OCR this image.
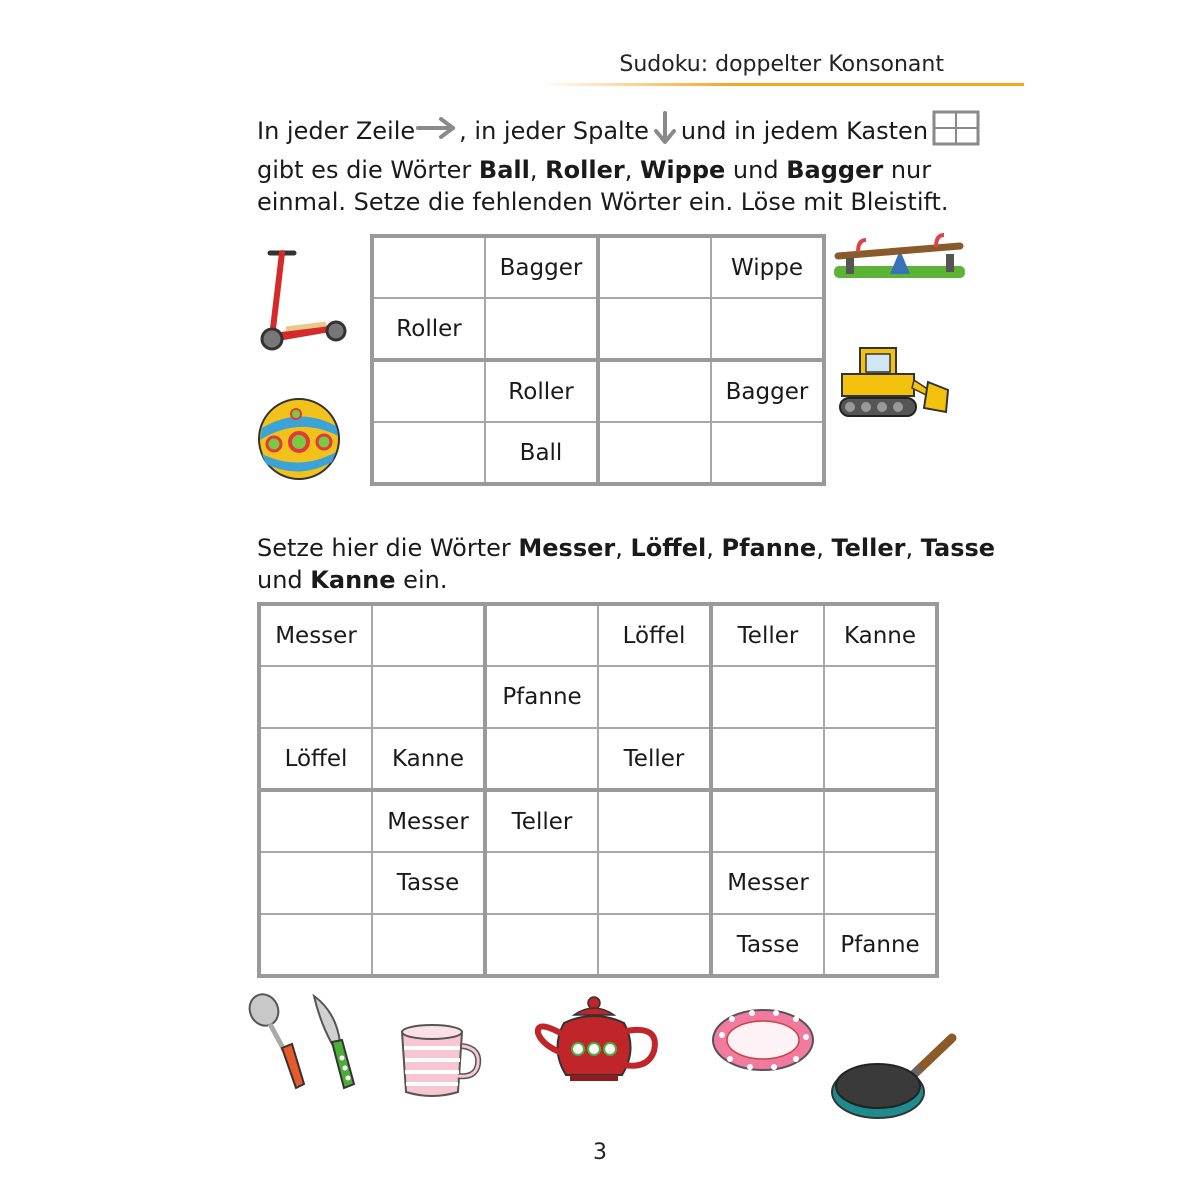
Sudoku: doppelter Konsonant
In jeder Zeile , in jeder Spalte und in jedem Kasten
gibt es die Wörter Ball, Roller, Wippe und Bagger nur
einmal. Setze die fehlenden Wörter ein. Löse mit Bleistift.
	Bagger		Wippe
Roller			
	Roller		Bagger
	Ball		
Setze hier die Wörter Messer, Löffel, Pfanne, Teller, Tasse
und Kanne ein.
Messer			Löffel	Teller	Kanne
		Pfanne			
Löffel	Kanne		Teller		
	Messer	Teller			
	Tasse			Messer	
				Tasse	Pfanne
3
